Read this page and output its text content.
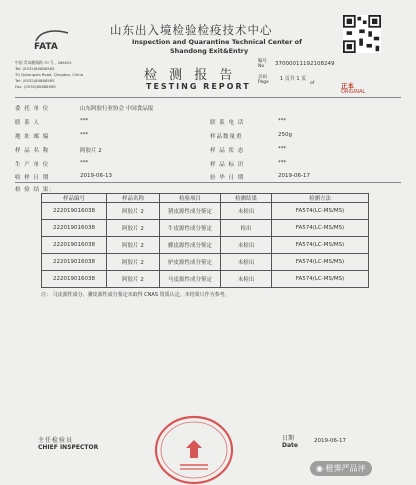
FATA
山东出入境检验检疫技术中心
Inspection and Quarantine Technical Center of
Shandong Exit&Entry
中国 青岛鹏湖路 70 号 , 266001
Tel: (0532)80888585
70 Qutangxia Road, Qingdao, China
Tel: (0532)80888585
Fax: (0532)80888565
检 测 报 告
TESTING REPORT
编号
No 3700001119210​8249
页码
Page
1 页共 1 页
of	正本
ORIGINAL
委 托 单 位	山东阿胶行业协会 中国食品报
联 系 人	***	联 系 电 话	***
地 址 邮 编	***	样品数量重	250g
样 品 名 称	阿胶片 2	样 品 状 态	***
生 产 单 位	***	样 品 标 识	***
收 样 日 期	2019-06-13	验 毕 日 期	2019-06-17
检 验 结 果：
样品编号	样品名称	检验项目	检测结果	检测方法
222019016038	阿胶片 2	猪皮源性成分鉴定	未检出	FA574(LC-MS/MS)
222019016038	阿胶片 2	牛皮源性成分鉴定	检出	FA574(LC-MS/MS)
222019016038	阿胶片 2	骡皮源性成分鉴定	未检出	FA574(LC-MS/MS)
222019016038	阿胶片 2	驴皮源性成分鉴定	未检出	FA574(LC-MS/MS)
222019016038	阿胶片 2	马皮源性成分鉴定	未检出	FA574(LC-MS/MS)
注： 马皮源性成分、骡皮源性成分鉴定未取得 CNAS 资质认定，本结果只作为参考。
主任检验员
CHIEF INSPECTOR
日期
Date
2019-06-17
◉ 橙霁严品评
